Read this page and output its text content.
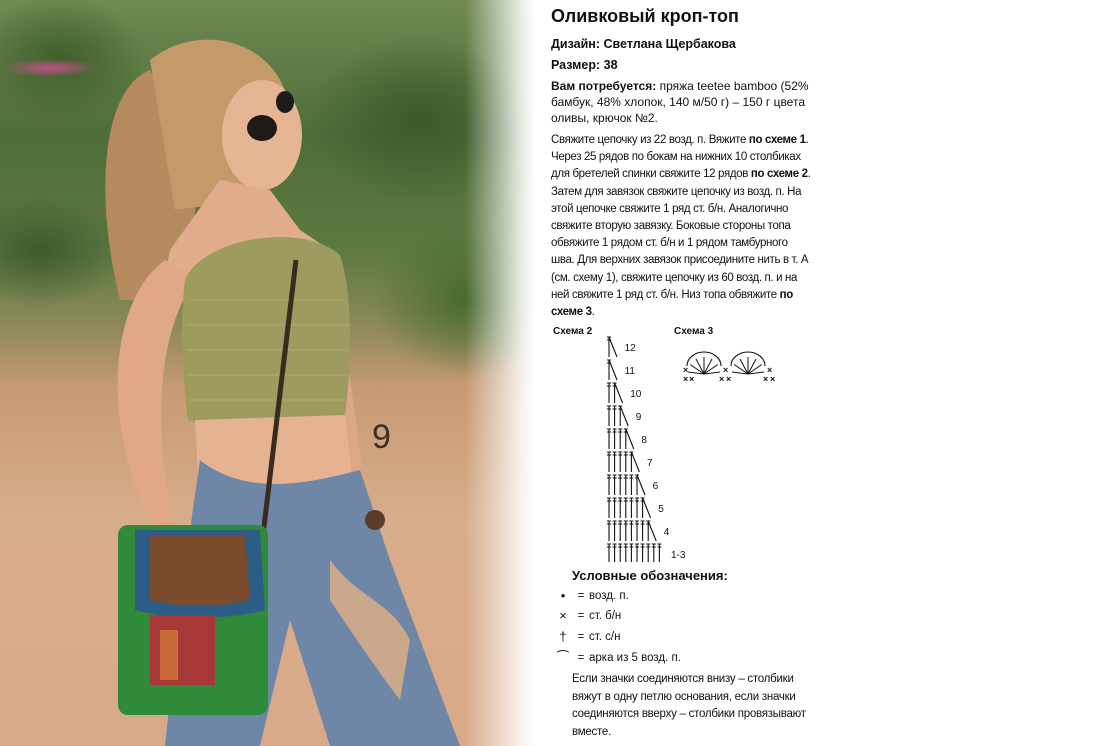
9
Оливковый кроп-топ
Дизайн: Светлана Щербакова
Размер: 38
Вам потребуется: пряжа teetee bamboo (52% бамбук, 48% хлопок, 140 м/50 г) – 150 г цвета оливы, крючок №2.
Свяжите цепочку из 22 возд. п. Вяжите по схеме 1. Через 25 рядов по бокам на нижних 10 столбиках для бретелей спинки свяжите 12 рядов по схеме 2. Затем для завязок свяжите цепочку из возд. п. На этой цепочке свяжите 1 ряд ст. б/н. Аналогично свяжите вторую завязку. Боковые стороны топа обвяжите 1 рядом ст. б/н и 1 рядом тамбурного шва. Для верхних завязок присоедините нить в т. А (см. схему 1), свяжите цепочку из 60 возд. п. и на ней свяжите 1 ряд ст. б/н. Низ топа обвяжите по схеме 3.
Схема 2
12
11
10
9
8
7
6
5
4
1-3
Схема 3
× ×	× ×	× ×
×	×	×
Условные обозначения:
•	= возд. п.
× = ст. б/н
† = ст. с/н
⁀ = арка из 5 возд. п.
Если значки соединяются внизу – столбики вяжут в одну петлю основания, если значки соединяются вверху – столбики провязывают вместе.
